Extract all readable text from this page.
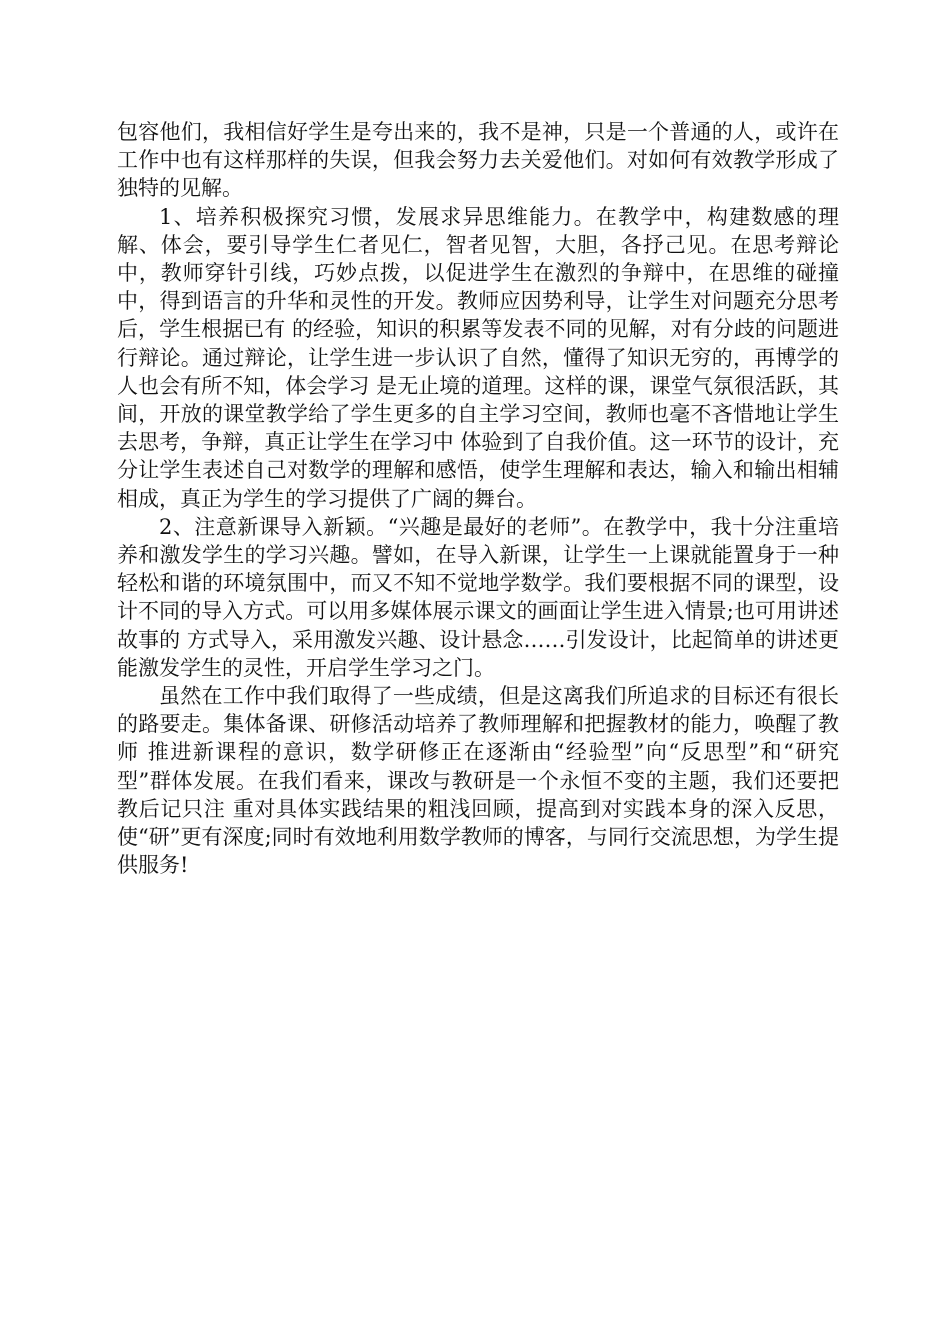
包容他们，我相信好学生是夸出来的，我不是神，只是一个普通的人，或许在工作中也有这样那样的失误，但我会努力去关爱他们。对如何有效教学形成了独特的见解。

1、培养积极探究习惯，发展求异思维能力。在教学中，构建数感的理解、体会，要引导学生仁者见仁，智者见智，大胆，各抒己见。在思考辩论中，教师穿针引线，巧妙点拨，以促进学生在激烈的争辩中，在思维的碰撞中，得到语言的升华和灵性的开发。教师应因势利导，让学生对问题充分思考后，学生根据已有 的经验，知识的积累等发表不同的见解，对有分歧的问题进行辩论。通过辩论，让学生进一步认识了自然，懂得了知识无穷的，再博学的人也会有所不知，体会学习 是无止境的道理。这样的课，课堂气氛很活跃，其间，开放的课堂教学给了学生更多的自主学习空间，教师也毫不吝惜地让学生去思考，争辩，真正让学生在学习中 体验到了自我价值。这一环节的设计，充分让学生表述自己对数学的理解和感悟，使学生理解和表达，输入和输出相辅相成，真正为学生的学习提供了广阔的舞台。

2、注意新课导入新颖。“兴趣是最好的老师”。在教学中，我十分注重培养和激发学生的学习兴趣。譬如，在导入新课，让学生一上课就能置身于一种 轻松和谐的环境氛围中，而又不知不觉地学数学。我们要根据不同的课型，设计不同的导入方式。可以用多媒体展示课文的画面让学生进入情景;也可用讲述故事的 方式导入，采用激发兴趣、设计悬念……引发设计，比起简单的讲述更能激发学生的灵性，开启学生学习之门。

虽然在工作中我们取得了一些成绩，但是这离我们所追求的目标还有很长的路要走。集体备课、研修活动培养了教师理解和把握教材的能力，唤醒了教师 推进新课程的意识，数学研修正在逐渐由“经验型”向“反思型”和“研究型”群体发展。在我们看来，课改与教研是一个永恒不变的主题，我们还要把教后记只注 重对具体实践结果的粗浅回顾，提高到对实践本身的深入反思，使“研”更有深度;同时有效地利用数学教师的博客，与同行交流思想，为学生提供服务!
